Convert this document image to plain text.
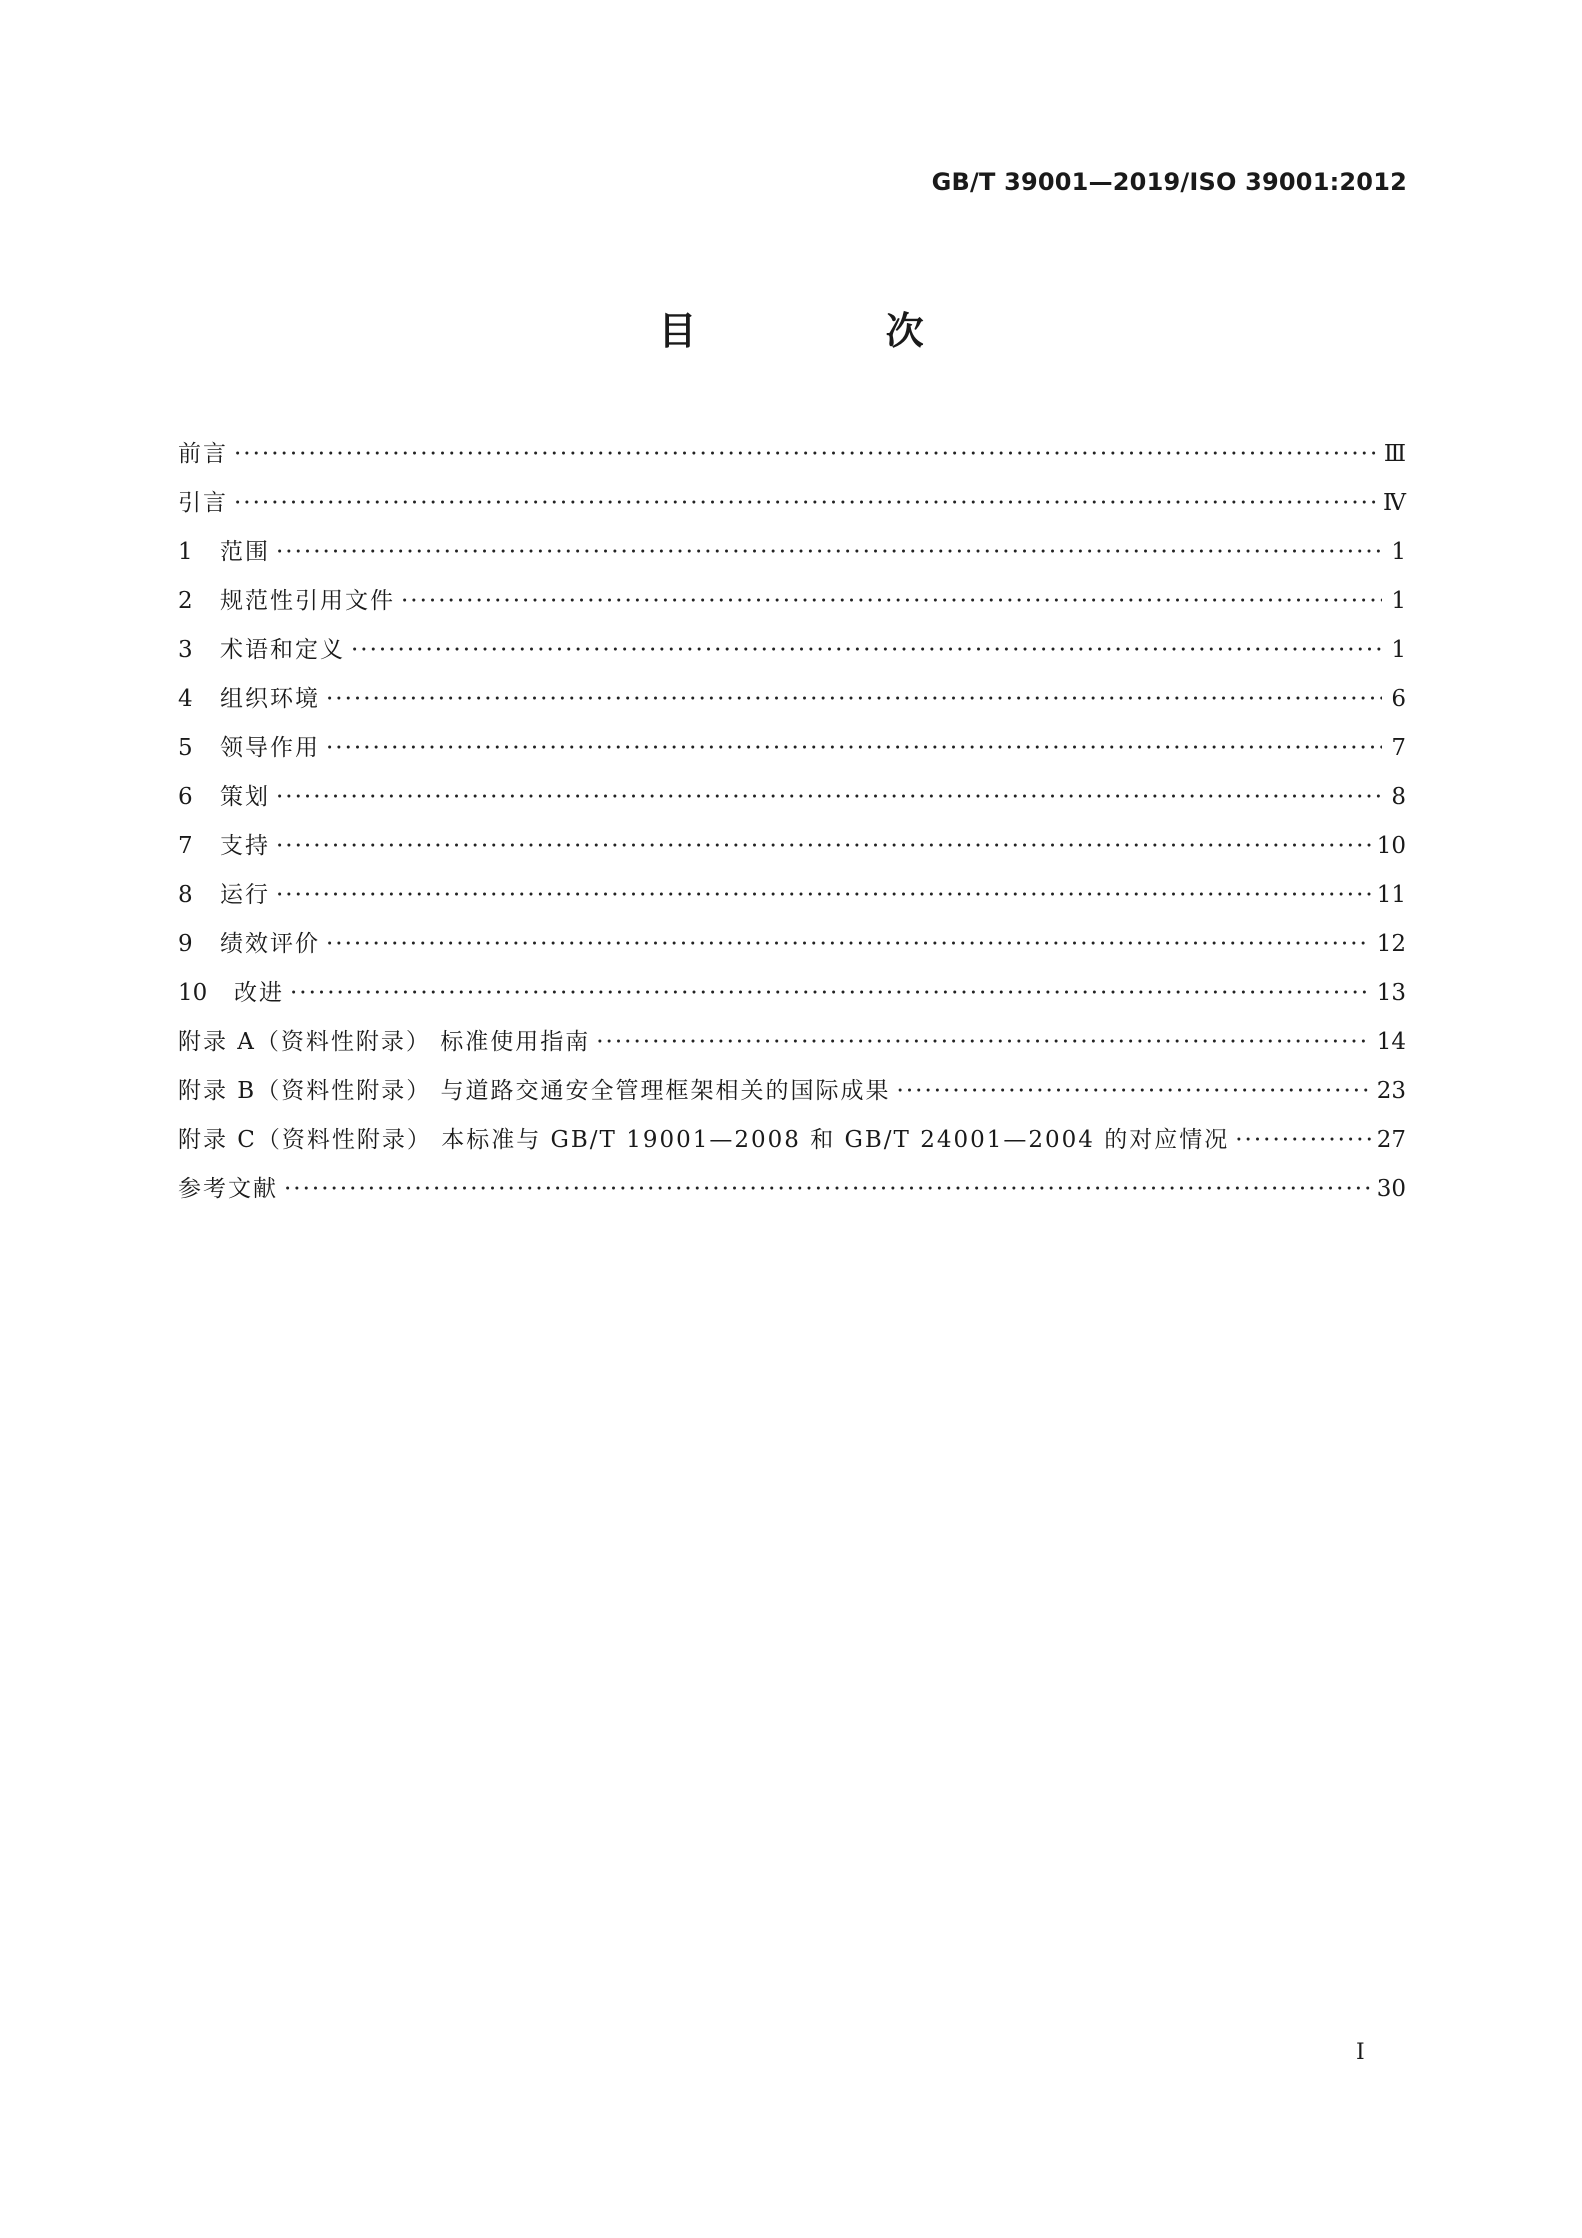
GB/T 39001—2019/ISO 39001:2012
目 次
前言 ·····	Ⅲ
引言 ·····	Ⅳ
1	范围 ·····	1
2	规范性引用文件 ·····	1
3	术语和定义 ·····	1
4	组织环境 ·····	6
5	领导作用 ·····	7
6	策划 ·····	8
7	支持 ·····	10
8	运行 ·····	11
9	绩效评价 ·····	12
10	改进 ·····	13
附录 A（资料性附录） 标准使用指南 ·····	14
附录 B（资料性附录） 与道路交通安全管理框架相关的国际成果 ·····	23
附录 C（资料性附录） 本标准与 GB/T 19001—2008 和 GB/T 24001—2004 的对应情况 ·····	27
参考文献 ·····	30
I
